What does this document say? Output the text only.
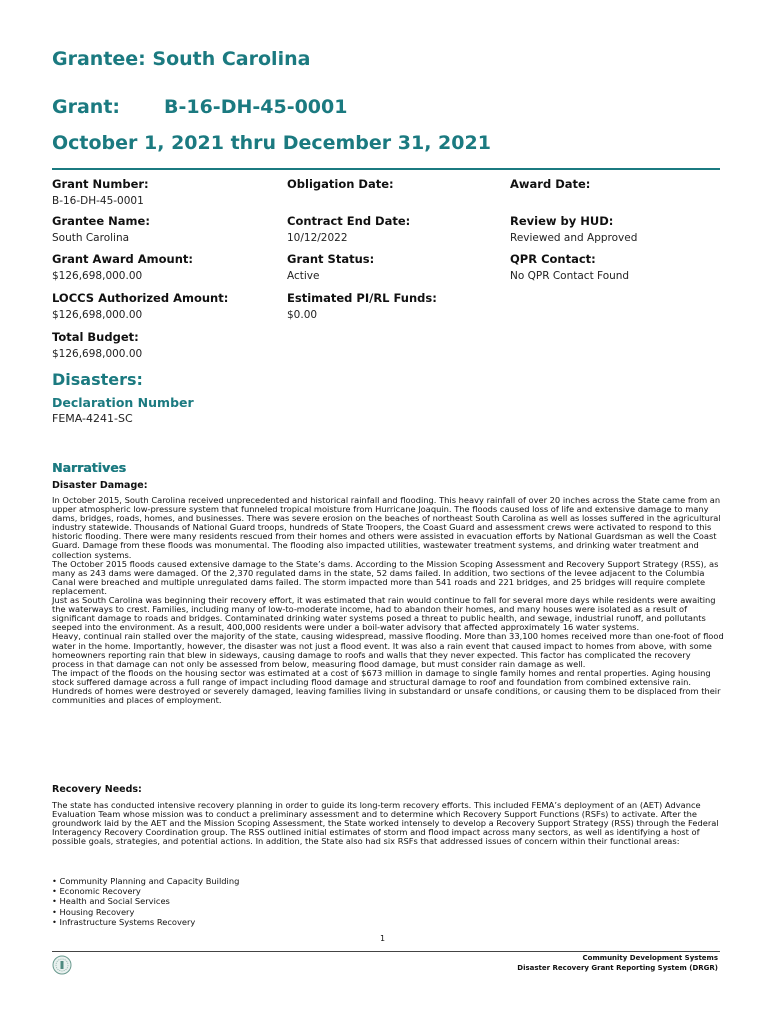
Grantee: South Carolina
Grant: B-16-DH-45-0001
October 1, 2021 thru December 31, 2021
Grant Number:
B-16-DH-45-0001
Obligation Date:	Award Date:
Grantee Name:
South Carolina
Contract End Date:
10/12/2022
Review by HUD:
Reviewed and Approved
Grant Award Amount:
$126,698,000.00
Grant Status:
Active
QPR Contact:
No QPR Contact Found
LOCCS Authorized Amount:
$126,698,000.00
Estimated PI/RL Funds:
$0.00
Total Budget:
$126,698,000.00
Disasters:
Declaration Number
FEMA-4241-SC
Narratives
Disaster Damage:

In October 2015, South Carolina received unprecedented and historical rainfall and flooding. This heavy rainfall of over 20 inches across the State came from an upper atmospheric low-pressure system that funneled tropical moisture from Hurricane Joaquin. The floods caused loss of life and extensive damage to many dams, bridges, roads, homes, and businesses. There was severe erosion on the beaches of northeast South Carolina as well as losses suffered in the agricultural industry statewide. Thousands of National Guard troops, hundreds of State Troopers, the Coast Guard and assessment crews were activated to respond to this historic flooding. There were many residents rescued from their homes and others were assisted in evacuation efforts by National Guardsman as well the Coast Guard. Damage from these floods was monumental. The flooding also impacted utilities, wastewater treatment systems, and drinking water treatment and collection systems.

The October 2015 floods caused extensive damage to the State’s dams. According to the Mission Scoping Assessment and Recovery Support Strategy (RSS), as many as 243 dams were damaged. Of the 2,370 regulated dams in the state, 52 dams failed. In addition, two sections of the levee adjacent to the Columbia Canal were breached and multiple unregulated dams failed. The storm impacted more than 541 roads and 221 bridges, and 25 bridges will require complete replacement.

Just as South Carolina was beginning their recovery effort, it was estimated that rain would continue to fall for several more days while residents were awaiting the waterways to crest. Families, including many of low-to-moderate income, had to abandon their homes, and many houses were isolated as a result of significant damage to roads and bridges. Contaminated drinking water systems posed a threat to public health, and sewage, industrial runoff, and pollutants seeped into the environment. As a result, 400,000 residents were under a boil-water advisory that affected approximately 16 water systems.

Heavy, continual rain stalled over the majority of the state, causing widespread, massive flooding. More than 33,100 homes received more than one-foot of flood water in the home. Importantly, however, the disaster was not just a flood event. It was also a rain event that caused impact to homes from above, with some homeowners reporting rain that blew in sideways, causing damage to roofs and walls that they never expected. This factor has complicated the recovery process in that damage can not only be assessed from below, measuring flood damage, but must consider rain damage as well.

The impact of the floods on the housing sector was estimated at a cost of $673 million in damage to single family homes and rental properties. Aging housing stock suffered damage across a full range of impact including flood damage and structural damage to roof and foundation from combined extensive rain. Hundreds of homes were destroyed or severely damaged, leaving families living in substandard or unsafe conditions, or causing them to be displaced from their communities and places of employment.

Recovery Needs:

The state has conducted intensive recovery planning in order to guide its long-term recovery efforts. This included FEMA’s deployment of an (AET) Advance Evaluation Team whose mission was to conduct a preliminary assessment and to determine which Recovery Support Functions (RSFs) to activate. After the groundwork laid by the AET and the Mission Scoping Assessment, the State worked intensely to develop a Recovery Support Strategy (RSS) through the Federal Interagency Recovery Coordination group. The RSS outlined initial estimates of storm and flood impact across many sectors, as well as identifying a host of possible goals, strategies, and potential actions. In addition, the State also had six RSFs that addressed issues of concern within their functional areas:

• Community Planning and Capacity Building
• Economic Recovery
• Health and Social Services
• Housing Recovery
• Infrastructure Systems Recovery
1
Community Development Systems
Disaster Recovery Grant Reporting System (DRGR)
